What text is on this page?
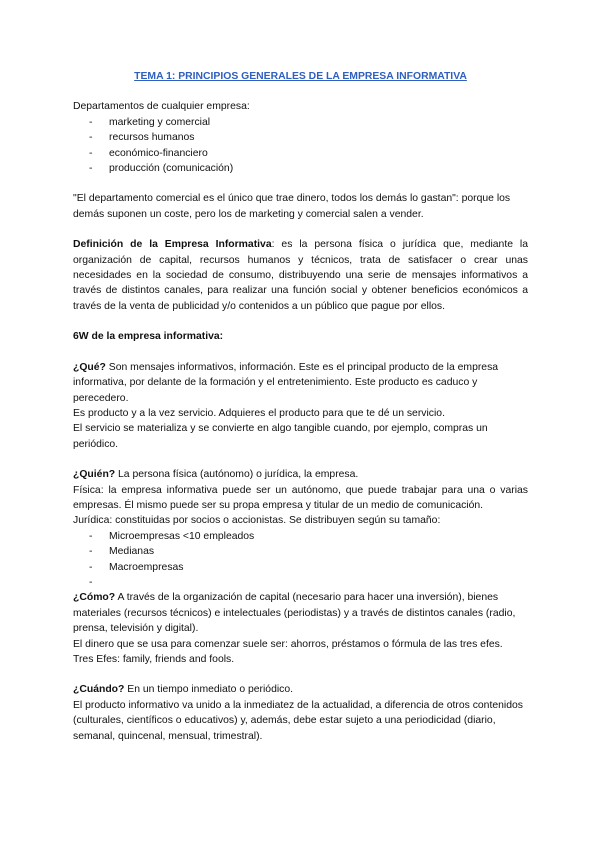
TEMA 1: PRINCIPIOS GENERALES DE LA EMPRESA INFORMATIVA

Departamentos de cualquier empresa:

- marketing y comercial
- recursos humanos
- económico-financiero
- producción (comunicación)

"El departamento comercial es el único que trae dinero, todos los demás lo gastan": porque los demás suponen un coste, pero los de marketing y comercial salen a vender.

Definición de la Empresa Informativa: es la persona física o jurídica que, mediante la organización de capital, recursos humanos y técnicos, trata de satisfacer o crear unas necesidades en la sociedad de consumo, distribuyendo una serie de mensajes informativos a través de distintos canales, para realizar una función social y obtener beneficios económicos a través de la venta de publicidad y/o contenidos a un público que pague por ellos.

6W de la empresa informativa:

¿Qué? Son mensajes informativos, información. Este es el principal producto de la empresa informativa, por delante de la formación y el entretenimiento. Este producto es caduco y perecedero.

Es producto y a la vez servicio. Adquieres el producto para que te dé un servicio.

El servicio se materializa y se convierte en algo tangible cuando, por ejemplo, compras un periódico.

¿Quién? La persona física (autónomo) o jurídica, la empresa.

Física: la empresa informativa puede ser un autónomo, que puede trabajar para una o varias empresas. Él mismo puede ser su propa empresa y titular de un medio de comunicación.

Jurídica: constituidas por socios o accionistas. Se distribuyen según su tamaño:

- Microempresas <10 empleados
- Medianas
- Macroempresas
-

¿Cómo? A través de la organización de capital (necesario para hacer una inversión), bienes materiales (recursos técnicos) e intelectuales (periodistas) y a través de distintos canales (radio, prensa, televisión y digital).

El dinero que se usa para comenzar suele ser: ahorros, préstamos o fórmula de las tres efes.

Tres Efes: family, friends and fools.

¿Cuándo? En un tiempo inmediato o periódico.

El producto informativo va unido a la inmediatez de la actualidad, a diferencia de otros contenidos (culturales, científicos o educativos) y, además, debe estar sujeto a una periodicidad (diario, semanal, quincenal, mensual, trimestral).
